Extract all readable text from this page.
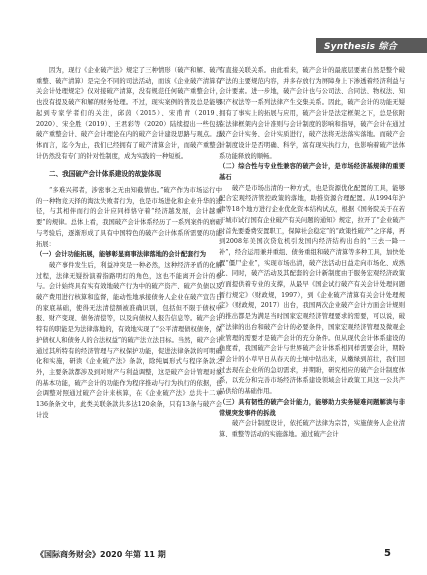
Synthesis 综合

因为，现行《企业破产法》规定了三种情形（破产和解、破产重整、破产清算）是完全不同的司法活动，而该《企业破产清算有关会计处理规定》仅对接破产清算，没有规范任何破产重整会计，也没有提及破产和解的财务处理。不过，现实案例的普及总是能够起到专家学者们的关注，邱茵（2015）、宋甫青（2019、2020）、宋全胜（2019）、王君彩等（2020）陆续提出一些包括破产重整会计、破产会计理论在内的破产会计建设思路与观点。总体而言，迄今为止，我们已经拥有了破产清算会计，而破产重整会计仍然没有专门的针对性制度，成为实践的一种短板。

二、我国破产会计体系建设的故旋体现

“多难兴邦者，涉密事之无由知截情也。”破产作为市场运行中的一种物竞天择的淘汰失败者行为，也是市场进化和企业升华的途径，与其相伴而行的会计应同样恪守着“经济越发展，会计越重要”的规律。总体上看，我国破产会计体系经历了一系列案件的磨砺与考验后，逐渐形成了具有中国特色的破产会计体系所需要的功能拓展：

（一）会计功能拓展，能够彰显商事法律落地的会计配套行为

破产事件发生后，利益冲突是一种必然，这种经济矛盾的化解过程，法律无疑扮演着指路明灯的角色，这也不能离开会计的参与。会计始终具有实有效地破产行为中的破产资产、破产负债以及破产费用进行核算和监督，能动性地承接债务人企业在破产宣告日的家底基础，使得无法清偿额被准确识别，包括但不限于债权申报、财产变现、债务清偿等，以及向债权人报告信息等。破产会计特有的职能是为法律落地的，有效地实现了“公平清理债权债务，保护债权人和债务人的合法权益”的破产法立法目标。当然，破产会计通过其所特有的经济管理与产权保护功能，促进法律条款的可明确化和实施，研读《企业破产法》条款，除纯属形式与程序条款之外，主要条款都涉及到对财产与利益调整，这是破产会计管理对象的基本功能，破产会计的功能作为程序推动与行为执行的依据，也会调整对照通过破产会计来核算，在《企业破产法》总共十二章136条条文中，此类关联条款共多达120余条，只有13条与破产会计没

有直接关联关系。由此看来，破产会计的最底层要素自然是整个破产法的主要规范内容，并多存放行为屏障身上下渗透着经济利益与会计要素。进一步地，破产会计也与公司法、合同法、物权法、知识产权法等一系列法律产生交集关系。因此，破产会计的功能无疑拥有了事实上的拓展与应用，破产会计是法定框架之下，总是依附在法律框架内会计准则与会计制度的影响和指导，破产会计在通过破产会计实务、会计实质进行，破产法将无法落实落地。而破产会计制度设计是否明确、科学，富有现实执行力，也影响着破产法体系功能释放的顺畅。

（二）综合性与专业性兼容的破产会计，是市场经济基规律的重要基石

破产是市场出清的一种方式，也是资源优化配置的工具，能够配合宏观经济管控政策的落地，助推资源合理配置。从1994年沪津等18个地方进行企业优化资本结构试点，根据《国务院关于在若干城市试行国有企业破产有关问题的通知》规定，拉开了“企业破产时首先要委费安置职工，保障社会稳定”的“政策性破产”之序幕，再到2008年美国次贷危机引发国内经济结构出台的“三去一降一补”，经合运用兼并重组、债务重组和破产清算等多种工具，加快处置“僵尸企业”，实现市场出清，破产法活动日益走向市场化、成熟化、同时，破产活动及其配套的会计新制度由于服务宏观经济政策方面提供着专业的支撑，从最早《国企试行破产有关会计处理问题暂行规定》（财政规，1997），到《企业破产清算有关会计处理规定》（财政规，2017）出台，我国两次企业破产会计方面会计规则的推出都是为满足当时国家宏观经济管理要求的需要，可以说，破产法律的出台和破产会计的必要条件，国家宏观经济管理及微观企业管理的需要才是破产会计的充分条件。但从现代会计体系建设的角度看，我国破产会计与世界破产会计体系相同样需要会计，期盼着会计的小草早日从春天的土壤中钻出来，从嫩绿到茁壮，我们回过去现在企业所的急切需求，并期盼，研究相应的破产会计制度体系，以充分和完善市场经济体系建设领域会计政策工具这一公共产品供给的基础作用。

（三）具有韧性的破产会计能力，能够助力实务疑难问题解读与非常规突发事件的拆战

破产会计制度设计，依托破产法律为宗旨，实施债务人企业清算、重整等活动的实施落地。通过破产会计

《国际商务财会》2020 年第 11 期	5
